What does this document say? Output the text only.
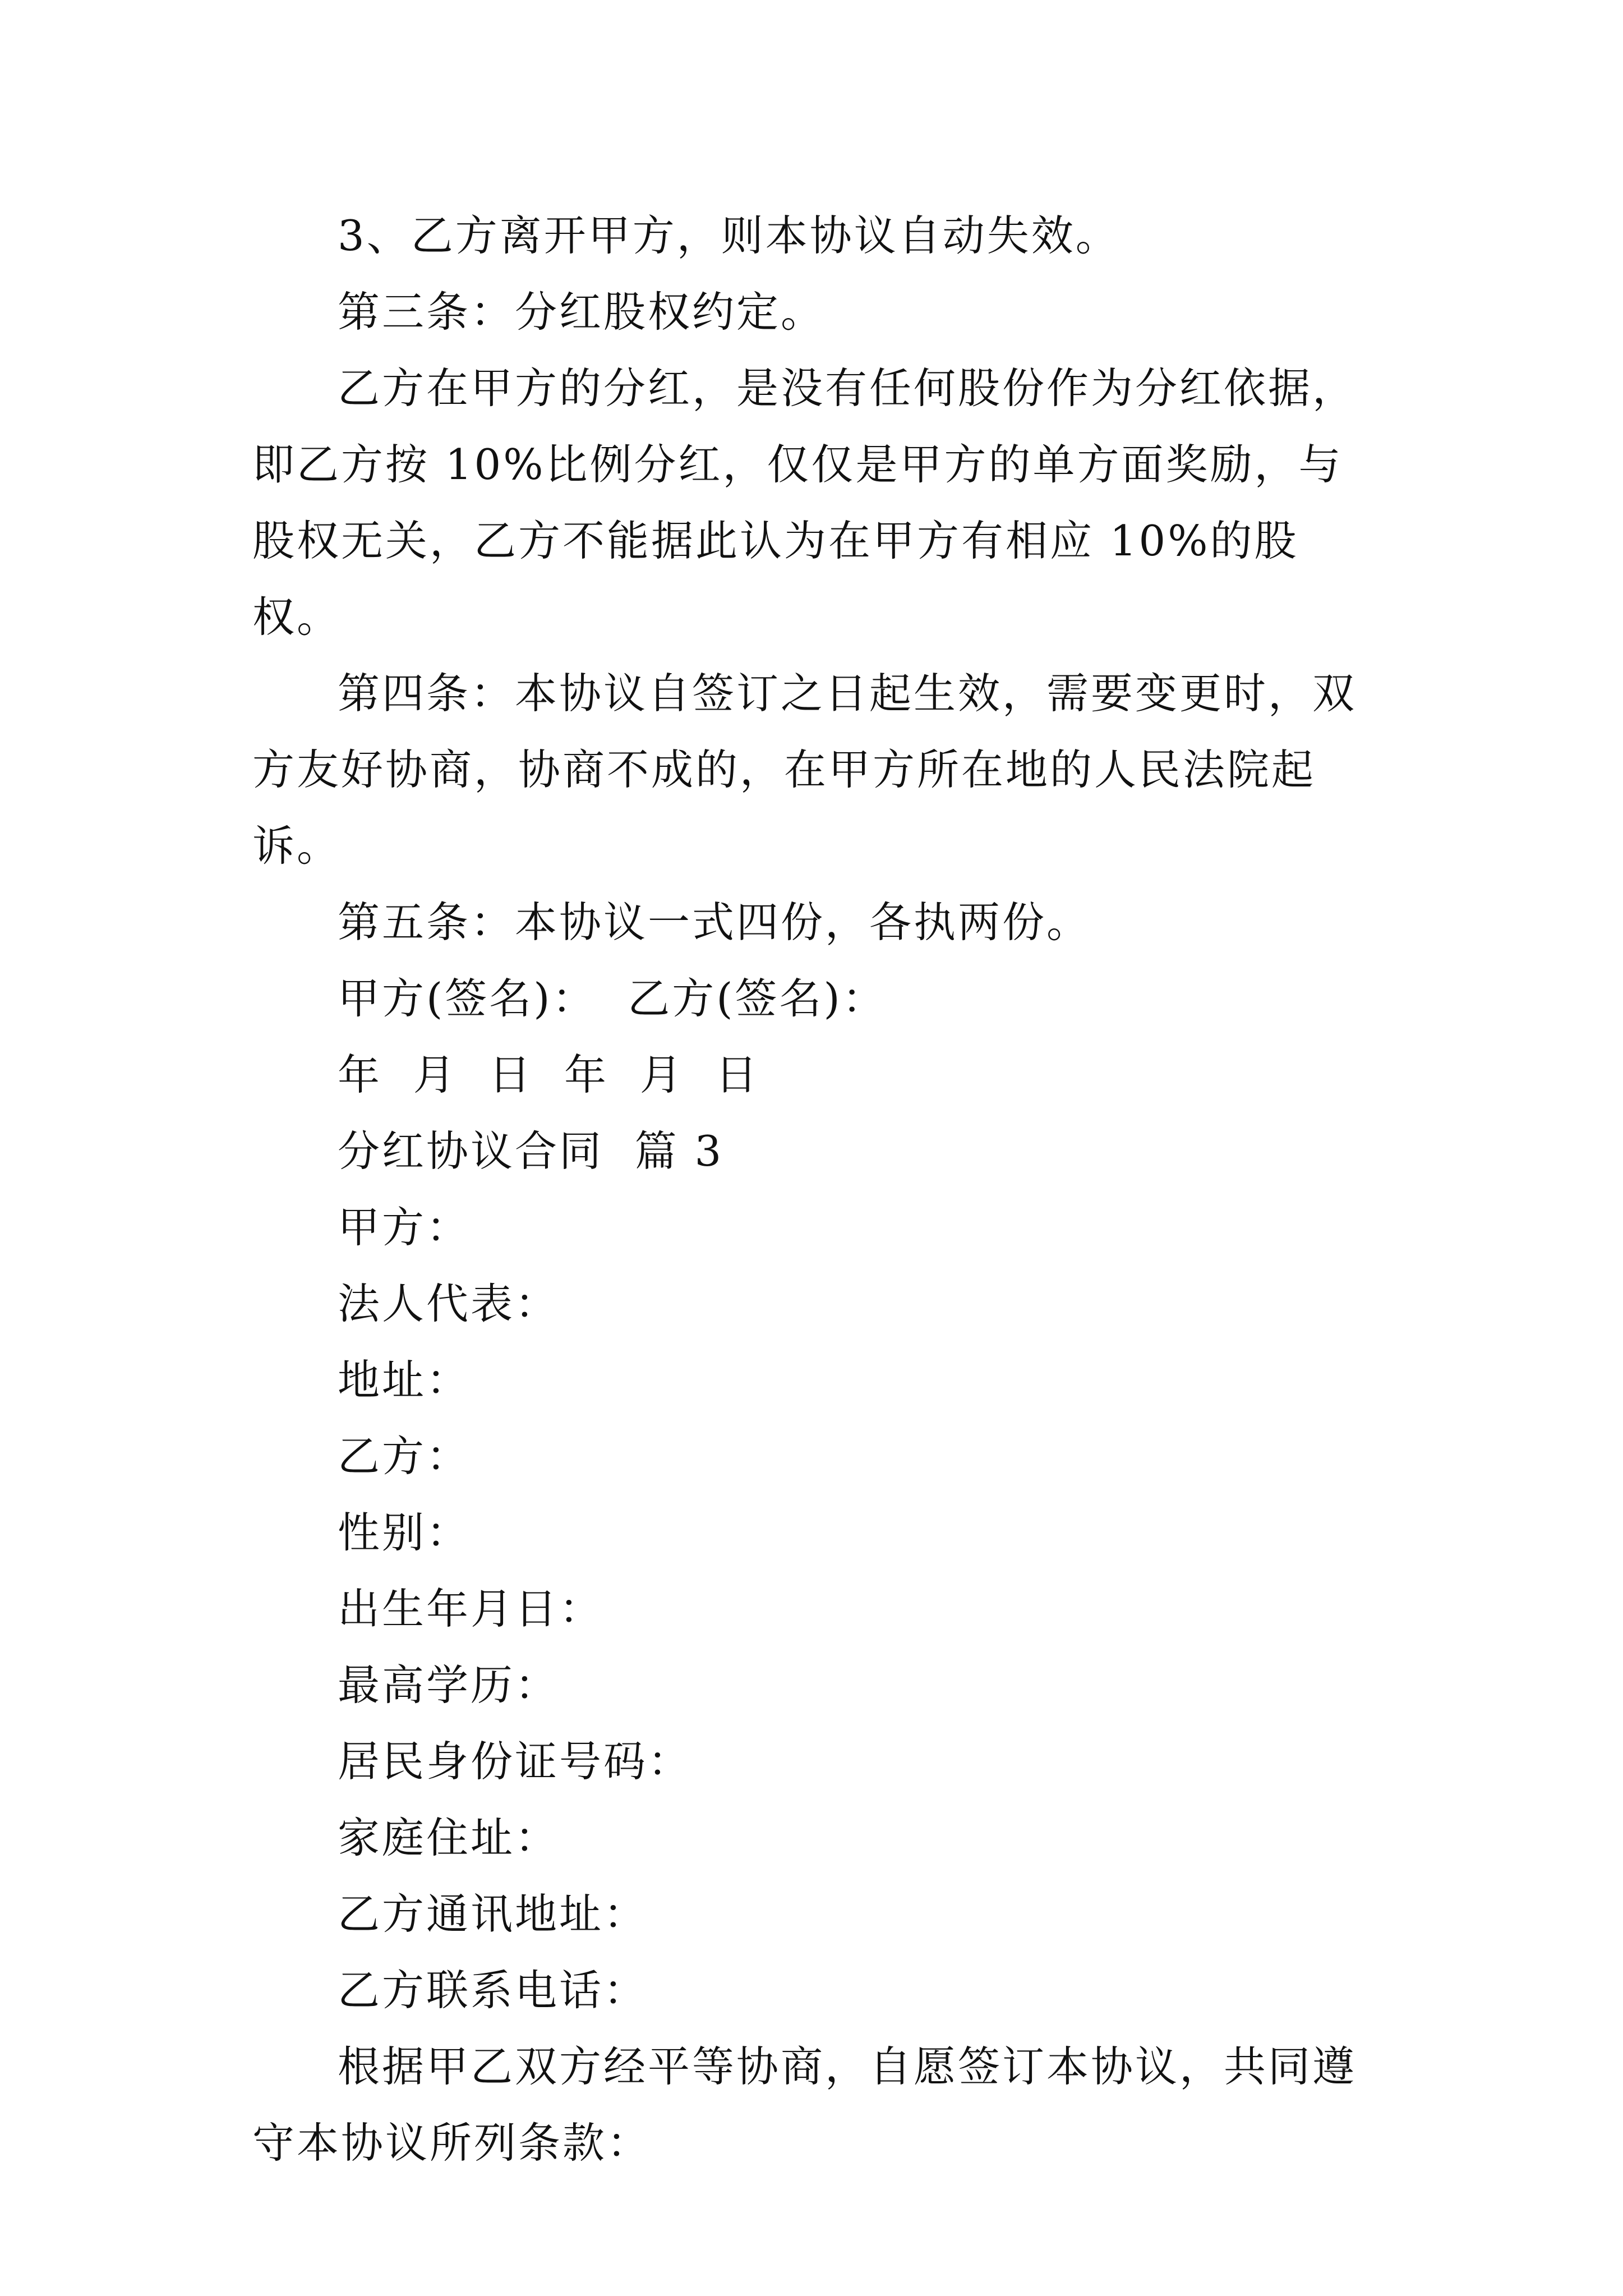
3、乙方离开甲方，则本协议自动失效。

第三条：分红股权约定。

乙方在甲方的分红，是没有任何股份作为分红依据，即乙方按 10%比例分红，仅仅是甲方的单方面奖励，与股权无关，乙方不能据此认为在甲方有相应 10%的股权。

第四条：本协议自签订之日起生效，需要变更时，双方友好协商，协商不成的，在甲方所在地的人民法院起诉。

第五条：本协议一式四份，各执两份。

甲方(签名)：  乙方(签名)：

年  月  日  年  月  日

分红协议合同  篇 3

甲方：

法人代表：

地址：

乙方：

性别：

出生年月日：

最高学历：

居民身份证号码：

家庭住址：

乙方通讯地址：

乙方联系电话：

根据甲乙双方经平等协商，自愿签订本协议，共同遵守本协议所列条款：
